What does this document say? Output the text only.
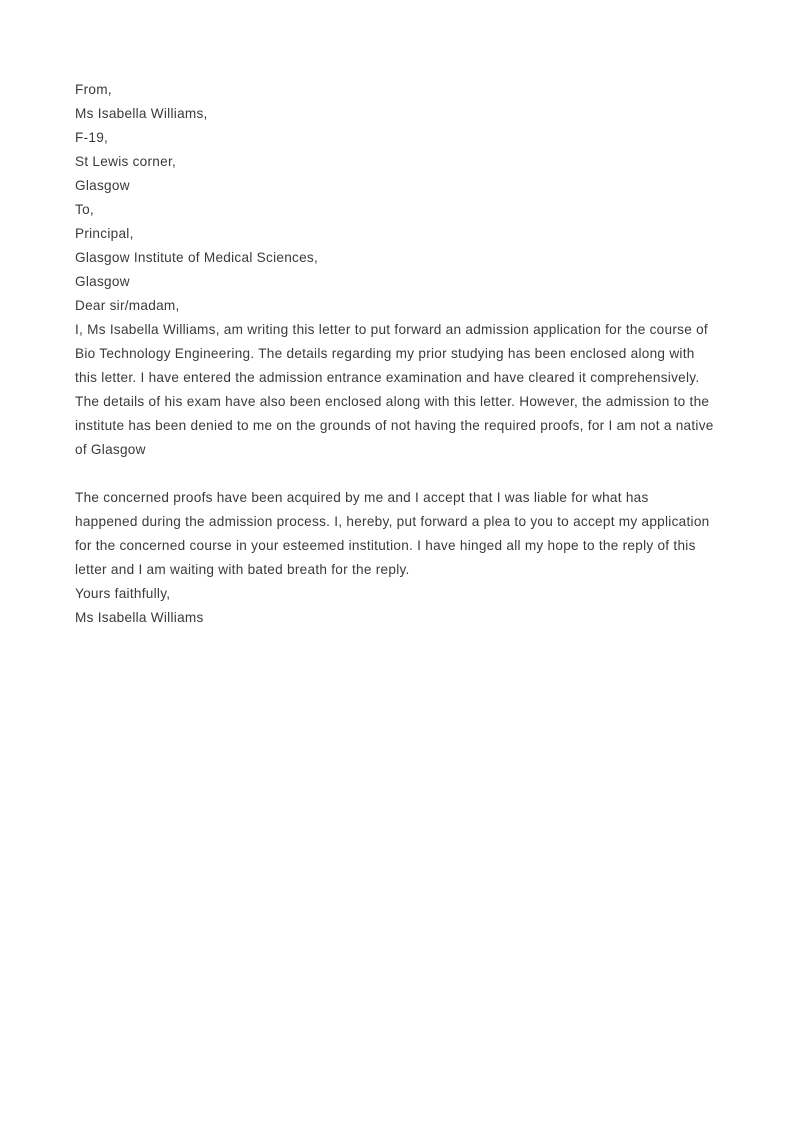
From,
Ms Isabella Williams,
F-19,
St Lewis corner,
Glasgow
To,
Principal,
Glasgow Institute of Medical Sciences,
Glasgow
Dear sir/madam,

I, Ms Isabella Williams, am writing this letter to put forward an admission application for the course of Bio Technology Engineering. The details regarding my prior studying has been enclosed along with this letter. I have entered the admission entrance examination and have cleared it comprehensively. The details of his exam have also been enclosed along with this letter. However, the admission to the institute has been denied to me on the grounds of not having the required proofs, for I am not a native of Glasgow

The concerned proofs have been acquired by me and I accept that I was liable for what has happened during the admission process. I, hereby, put forward a plea to you to accept my application for the concerned course in your esteemed institution. I have hinged all my hope to the reply of this letter and I am waiting with bated breath for the reply.

Yours faithfully,
Ms Isabella Williams
